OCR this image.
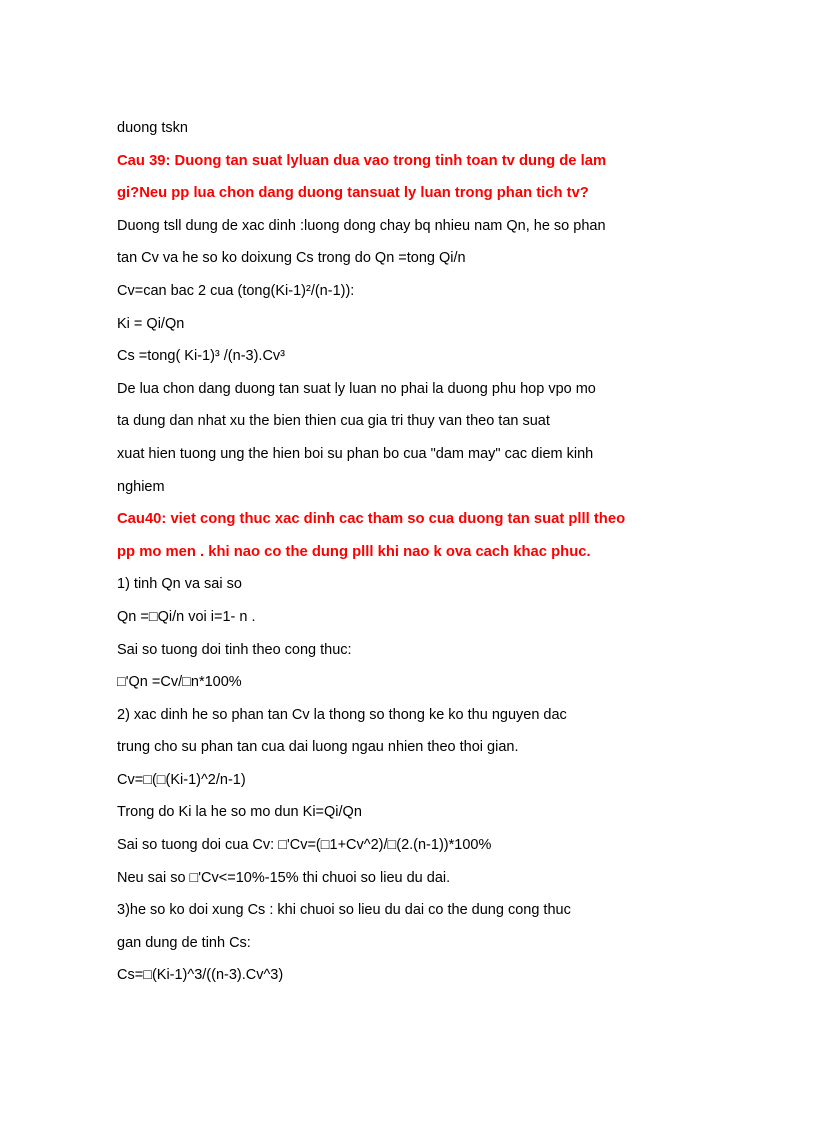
duong tskn
Cau 39: Duong tan suat lyluan dua vao trong tinh toan tv dung de lam
gi?Neu pp lua chon dang duong tansuat ly luan trong phan tich tv?
Duong tsll dung de xac dinh :luong dong chay bq nhieu nam Qn, he so phan
tan Cv va he so ko doixung Cs trong do Qn =tong Qi/n
Cv=can bac 2 cua (tong(Ki-1)²/(n-1)):
Ki = Qi/Qn
Cs =tong( Ki-1)³ /(n-3).Cv³
De lua chon dang duong tan suat ly luan no phai la duong phu hop vpo mo
ta dung dan nhat xu the bien thien cua gia tri thuy van theo tan suat
xuat hien tuong ung the hien boi su phan bo cua "dam may" cac diem kinh
nghiem
Cau40: viet cong thuc xac dinh cac tham so cua duong tan suat plll theo
pp mo men . khi nao co the dung plll khi nao k ova cach khac phuc.
1) tinh Qn va sai so
Qn =□Qi/n voi i=1- n .
Sai so tuong doi tinh theo cong thuc:
□'Qn =Cv/□n*100%
2) xac dinh he so phan tan Cv la thong so thong ke ko thu nguyen dac
trung cho su phan tan cua dai luong ngau nhien theo thoi gian.
Cv=□(□(Ki-1)^2/n-1)
Trong do Ki la he so mo dun Ki=Qi/Qn
Sai so tuong doi cua Cv: □'Cv=(□1+Cv^2)/□(2.(n-1))*100%
Neu sai so □'Cv<=10%-15% thi chuoi so lieu du dai.
3)he so ko doi xung Cs : khi chuoi so lieu du dai co the dung cong thuc
gan dung de tinh Cs:
Cs=□(Ki-1)^3/((n-3).Cv^3)
